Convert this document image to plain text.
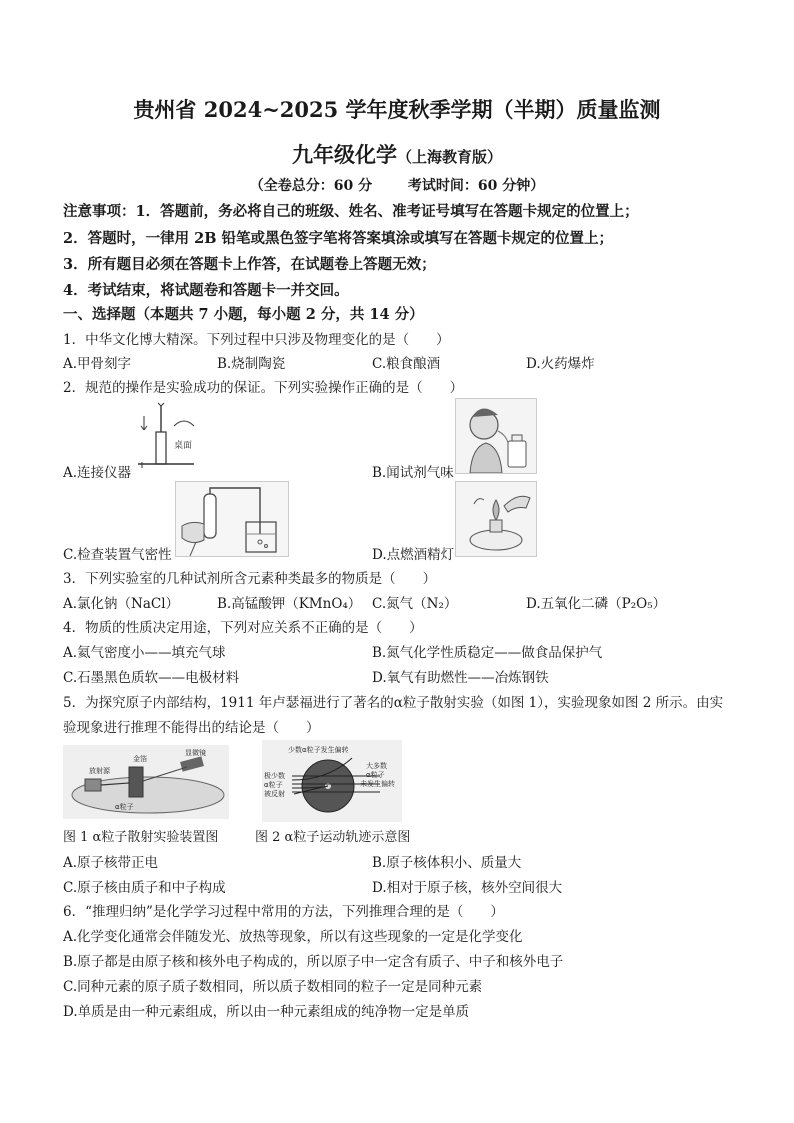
贵州省 2024~2025 学年度秋季学期（半期）质量监测
九年级化学（上海教育版）
（全卷总分：60 分	考试时间：60 分钟）
注意事项：1．答题前，务必将自己的班级、姓名、准考证号填写在答题卡规定的位置上；
2．答题时，一律用 2B 铅笔或黑色签字笔将答案填涂或填写在答题卡规定的位置上；
3．所有题目必须在答题卡上作答，在试题卷上答题无效；
4．考试结束，将试题卷和答题卡一并交回。
一、选择题（本题共 7 小题，每小题 2 分，共 14 分）
1．中华文化博大精深。下列过程中只涉及物理变化的是（　　）
A.甲骨刻字	B.烧制陶瓷	C.粮食酿酒	D.火药爆炸
2．规范的操作是实验成功的保证。下列实验操作正确的是（　　）
桌面
A.连接仪器	B.闻试剂气味
C.检查装置气密性	D.点燃酒精灯
3．下列实验室的几种试剂所含元素种类最多的物质是（　　）
A.氯化钠（NaCl）	B.高锰酸钾（KMnO₄） C.氮气（N₂）	D.五氧化二磷（P₂O₅）
4．物质的性质决定用途，下列对应关系不正确的是（　　）
A.氦气密度小——填充气球	B.氮气化学性质稳定——做食品保护气
C.石墨黑色质软——电极材料	D.氧气有助燃性——冶炼钢铁
5．为探究原子内部结构，1911 年卢瑟福进行了著名的α粒子散射实验（如图 1），实验现象如图 2 所示。由实
验现象进行推理不能得出的结论是（　　）
放射源
金箔
显微镜
α粒子
少数α粒子发生偏转
大多数
α粒子
未发生偏转
极少数
α粒子
被反射
图 1 α粒子散射实验装置图	图 2 α粒子运动轨迹示意图
A.原子核带正电	B.原子核体积小、质量大
C.原子核由质子和中子构成	D.相对于原子核，核外空间很大
6．“推理归纳”是化学学习过程中常用的方法，下列推理合理的是（　　）
A.化学变化通常会伴随发光、放热等现象，所以有这些现象的一定是化学变化
B.原子都是由原子核和核外电子构成的，所以原子中一定含有质子、中子和核外电子
C.同种元素的原子质子数相同，所以质子数相同的粒子一定是同种元素
D.单质是由一种元素组成，所以由一种元素组成的纯净物一定是单质
